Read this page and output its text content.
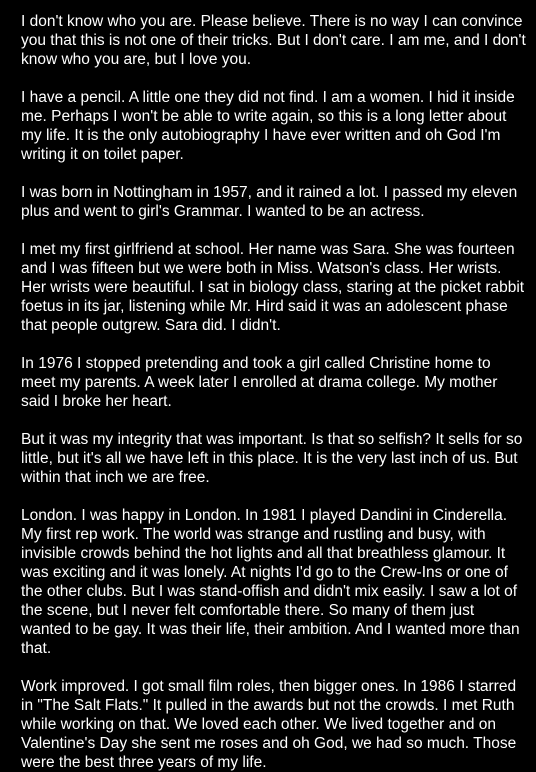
I don't know who you are. Please believe. There is no way I can convince you that this is not one of their tricks. But I don't care. I am me, and I don't know who you are, but I love you.

I have a pencil. A little one they did not find. I am a women. I hid it inside me. Perhaps I won't be able to write again, so this is a long letter about my life. It is the only autobiography I have ever written and oh God I'm writing it on toilet paper.

I was born in Nottingham in 1957, and it rained a lot. I passed my eleven plus and went to girl's Grammar. I wanted to be an actress.

I met my first girlfriend at school. Her name was Sara. She was fourteen and I was fifteen but we were both in Miss. Watson's class. Her wrists. Her wrists were beautiful. I sat in biology class, staring at the picket rabbit foetus in its jar, listening while Mr. Hird said it was an adolescent phase that people outgrew. Sara did. I didn't.

In 1976 I stopped pretending and took a girl called Christine home to meet my parents. A week later I enrolled at drama college. My mother said I broke her heart.

But it was my integrity that was important. Is that so selfish? It sells for so little, but it's all we have left in this place. It is the very last inch of us. But within that inch we are free.

London. I was happy in London. In 1981 I played Dandini in Cinderella. My first rep work. The world was strange and rustling and busy, with invisible crowds behind the hot lights and all that breathless glamour. It was exciting and it was lonely. At nights I'd go to the Crew-Ins or one of the other clubs. But I was stand-offish and didn't mix easily. I saw a lot of the scene, but I never felt comfortable there. So many of them just wanted to be gay. It was their life, their ambition. And I wanted more than that.

Work improved. I got small film roles, then bigger ones. In 1986 I starred in "The Salt Flats." It pulled in the awards but not the crowds. I met Ruth while working on that. We loved each other. We lived together and on Valentine's Day she sent me roses and oh God, we had so much. Those were the best three years of my life.
